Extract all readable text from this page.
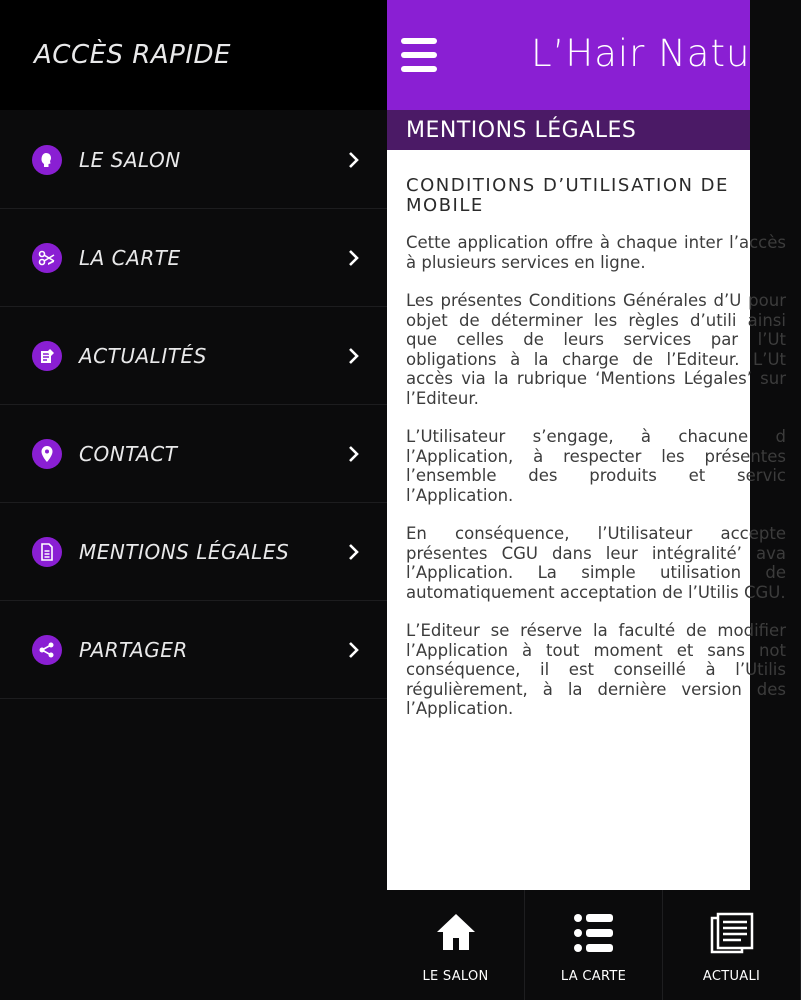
ACCÈS RAPIDE
LE SALON
LA CARTE
ACTUALITÉS
CONTACT
MENTIONS LÉGALES
PARTAGER
L’Hair Natu
MENTIONS LÉGALES

CONDITIONS D’UTILISATION DE MOBILE

Cette application offre à chaque inter l’accès à plusieurs services en ligne.

Les présentes Conditions Générales d’U pour objet de déterminer les règles d’utili ainsi que celles de leurs services par l’Ut obligations à la charge de l’Editeur. L’Ut accès via la rubrique ‘Mentions Légales’ sur l’Editeur.

L’Utilisateur s’engage, à chacune d l’Application, à respecter les présentes l’ensemble des produits et servic l’Application.

En conséquence, l’Utilisateur accepte présentes CGU dans leur intégralité’ ava l’Application. La simple utilisation de automatiquement acceptation de l’Utilis CGU.

L’Editeur se réserve la faculté de modifier l’Application à tout moment et sans not conséquence, il est conseillé à l’Utilis régulièrement, à la dernière version des l’Application.

LE SALON	LA CARTE	ACTUALI
